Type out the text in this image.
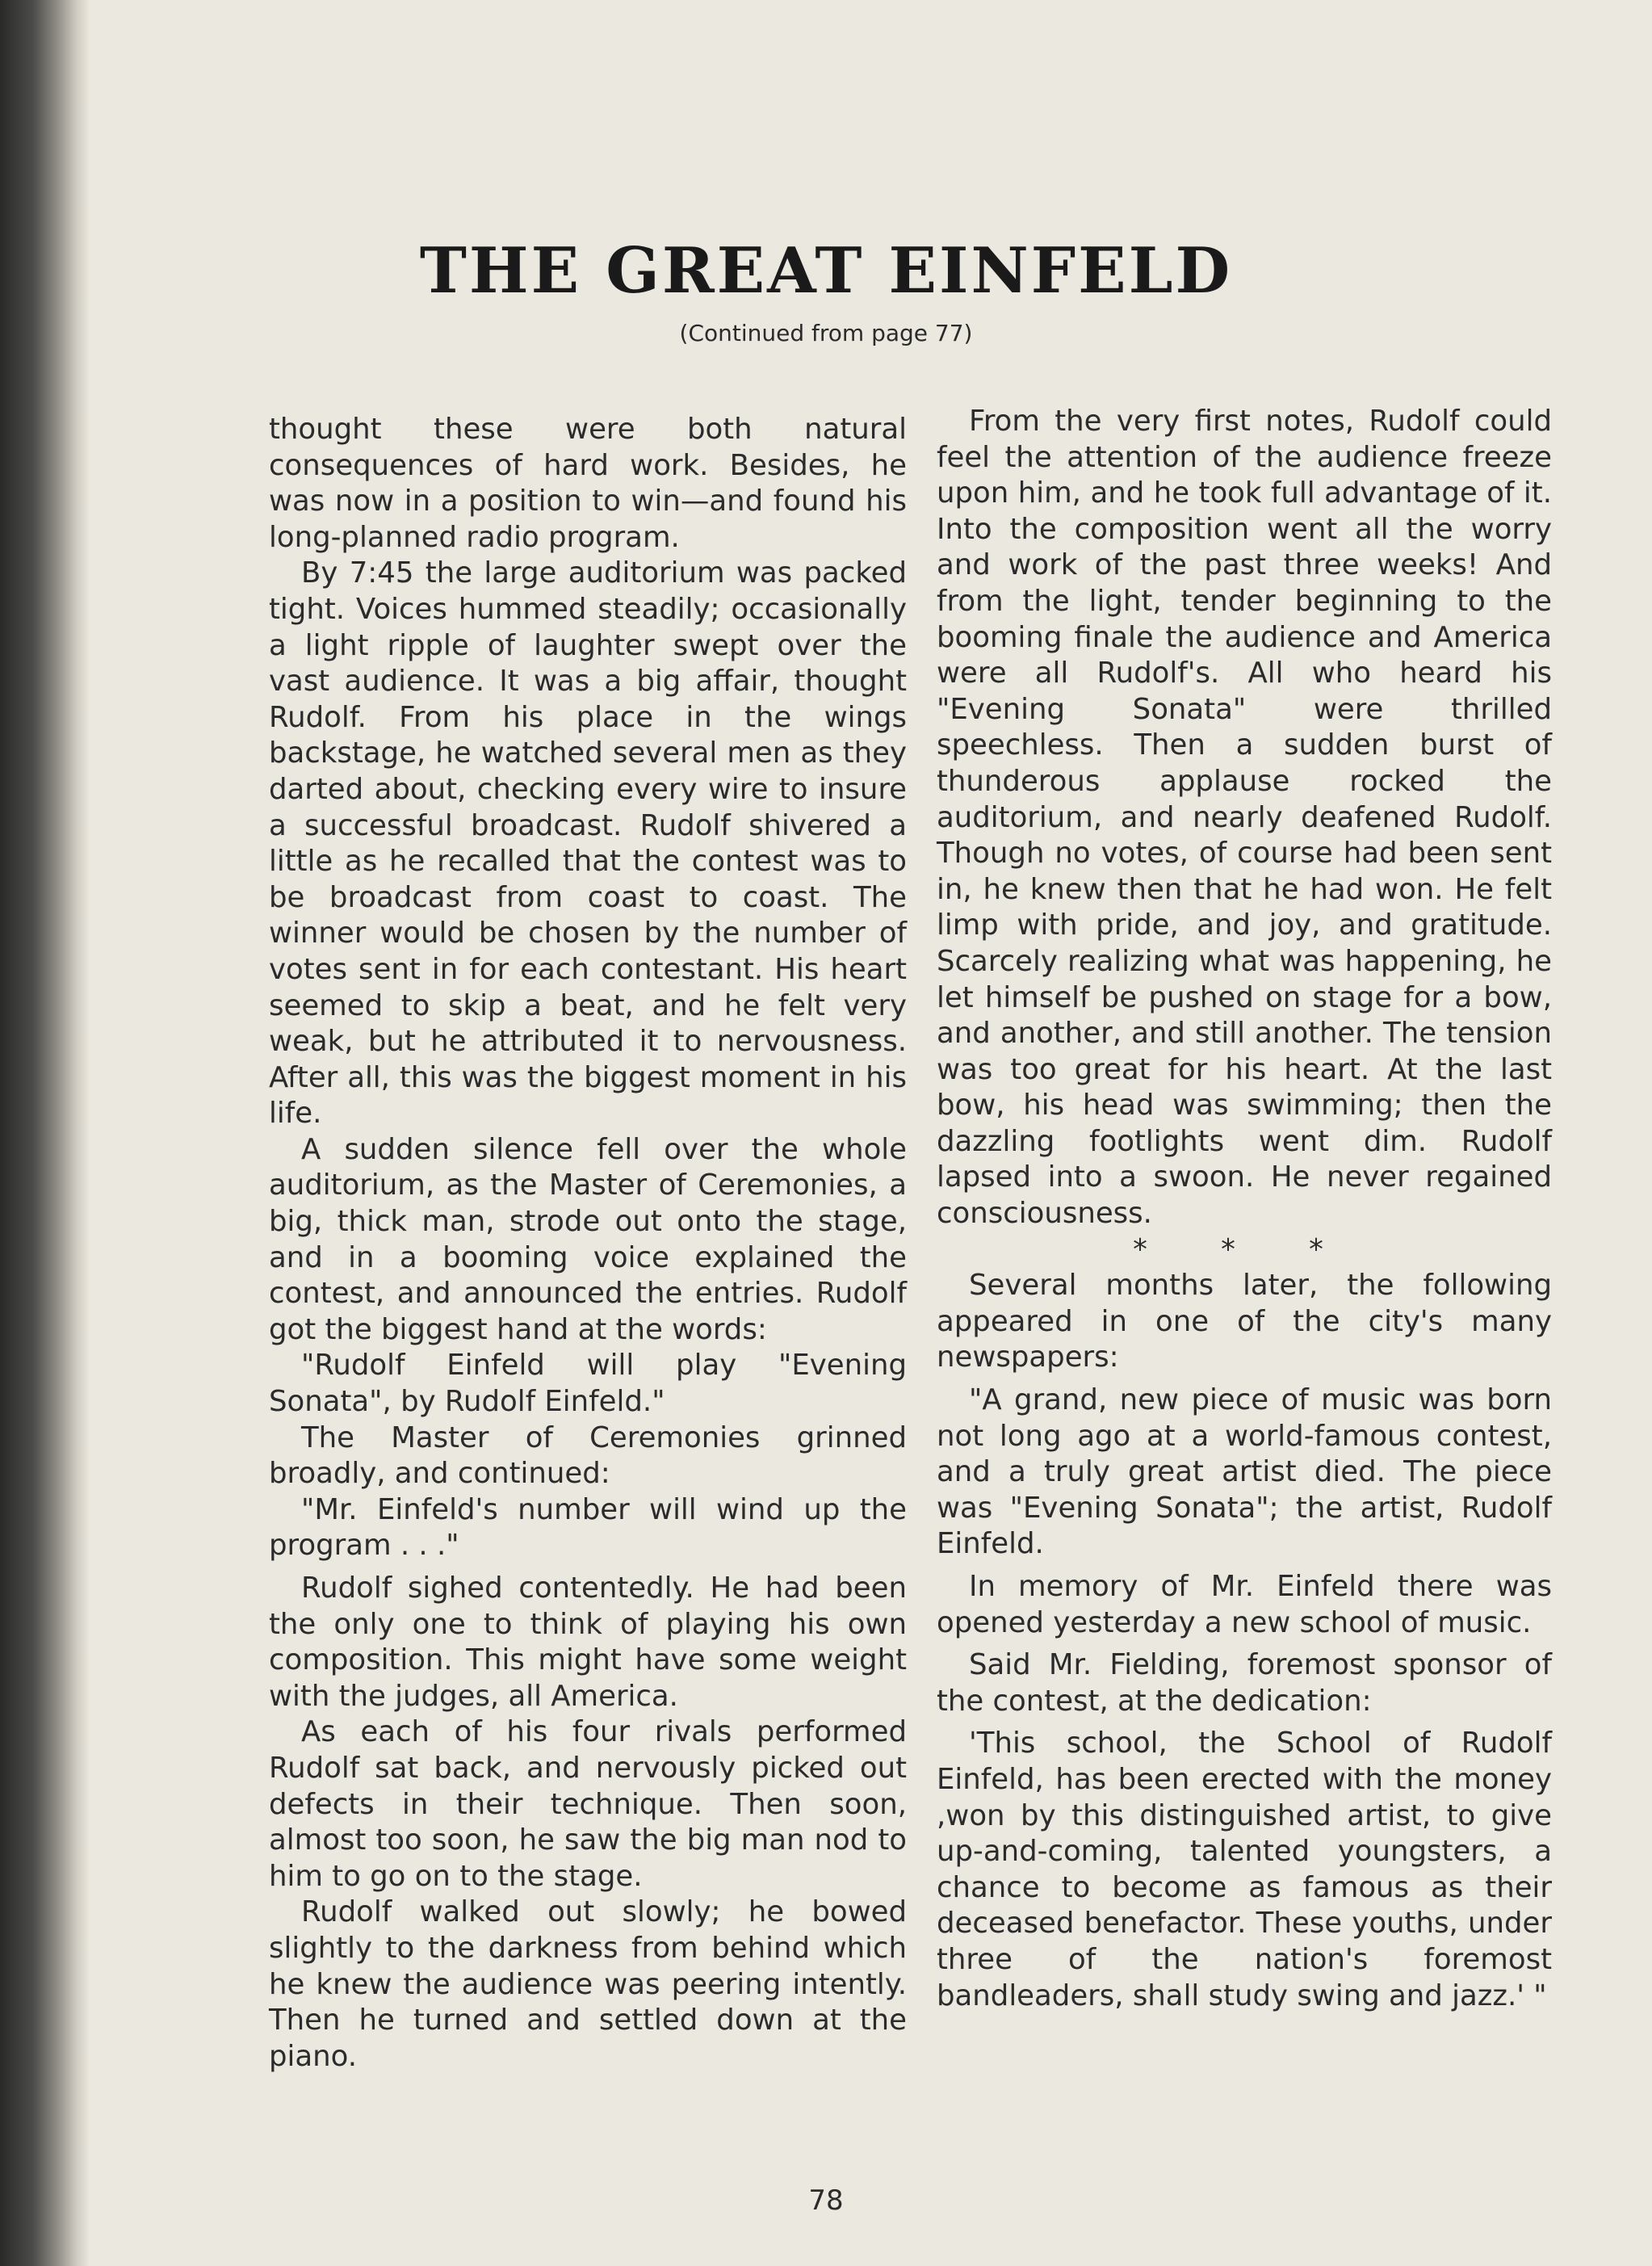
THE GREAT EINFELD

(Continued from page 77)

thought these were both natural consequences of hard work. Besides, he was now in a position to win—and found his long-planned radio program.

By 7:45 the large auditorium was packed tight. Voices hummed steadily; occasionally a light ripple of laughter swept over the vast audience. It was a big affair, thought Rudolf. From his place in the wings backstage, he watched several men as they darted about, checking every wire to insure a successful broadcast. Rudolf shivered a little as he recalled that the contest was to be broadcast from coast to coast. The winner would be chosen by the number of votes sent in for each contestant. His heart seemed to skip a beat, and he felt very weak, but he attributed it to nervousness. After all, this was the biggest moment in his life.

A sudden silence fell over the whole auditorium, as the Master of Ceremonies, a big, thick man, strode out onto the stage, and in a booming voice explained the contest, and announced the entries. Rudolf got the biggest hand at the words:

"Rudolf Einfeld will play "Evening Sonata", by Rudolf Einfeld."

The Master of Ceremonies grinned broadly, and continued:

"Mr. Einfeld's number will wind up the program . . ."

Rudolf sighed contentedly. He had been the only one to think of playing his own composition. This might have some weight with the judges, all America.

As each of his four rivals performed Rudolf sat back, and nervously picked out defects in their technique. Then soon, almost too soon, he saw the big man nod to him to go on to the stage.

Rudolf walked out slowly; he bowed slightly to the darkness from behind which he knew the audience was peering intently. Then he turned and settled down at the piano.

From the very first notes, Rudolf could feel the attention of the audience freeze upon him, and he took full advantage of it. Into the composition went all the worry and work of the past three weeks! And from the light, tender beginning to the booming finale the audience and America were all Rudolf's. All who heard his "Evening Sonata" were thrilled speechless. Then a sudden burst of thunderous applause rocked the auditorium, and nearly deafened Rudolf. Though no votes, of course had been sent in, he knew then that he had won. He felt limp with pride, and joy, and gratitude. Scarcely realizing what was happening, he let himself be pushed on stage for a bow, and another, and still another. The tension was too great for his heart. At the last bow, his head was swimming; then the dazzling footlights went dim. Rudolf lapsed into a swoon. He never regained consciousness.

* * *

Several months later, the following appeared in one of the city's many newspapers:

"A grand, new piece of music was born not long ago at a world-famous contest, and a truly great artist died. The piece was "Evening Sonata"; the artist, Rudolf Einfeld.

In memory of Mr. Einfeld there was opened yesterday a new school of music.

Said Mr. Fielding, foremost sponsor of the contest, at the dedication:

'This school, the School of Rudolf Einfeld, has been erected with the money ,won by this distinguished artist, to give up-and-coming, talented youngsters, a chance to become as famous as their deceased benefactor. These youths, under three of the nation's foremost bandleaders, shall study swing and jazz.' "

78
